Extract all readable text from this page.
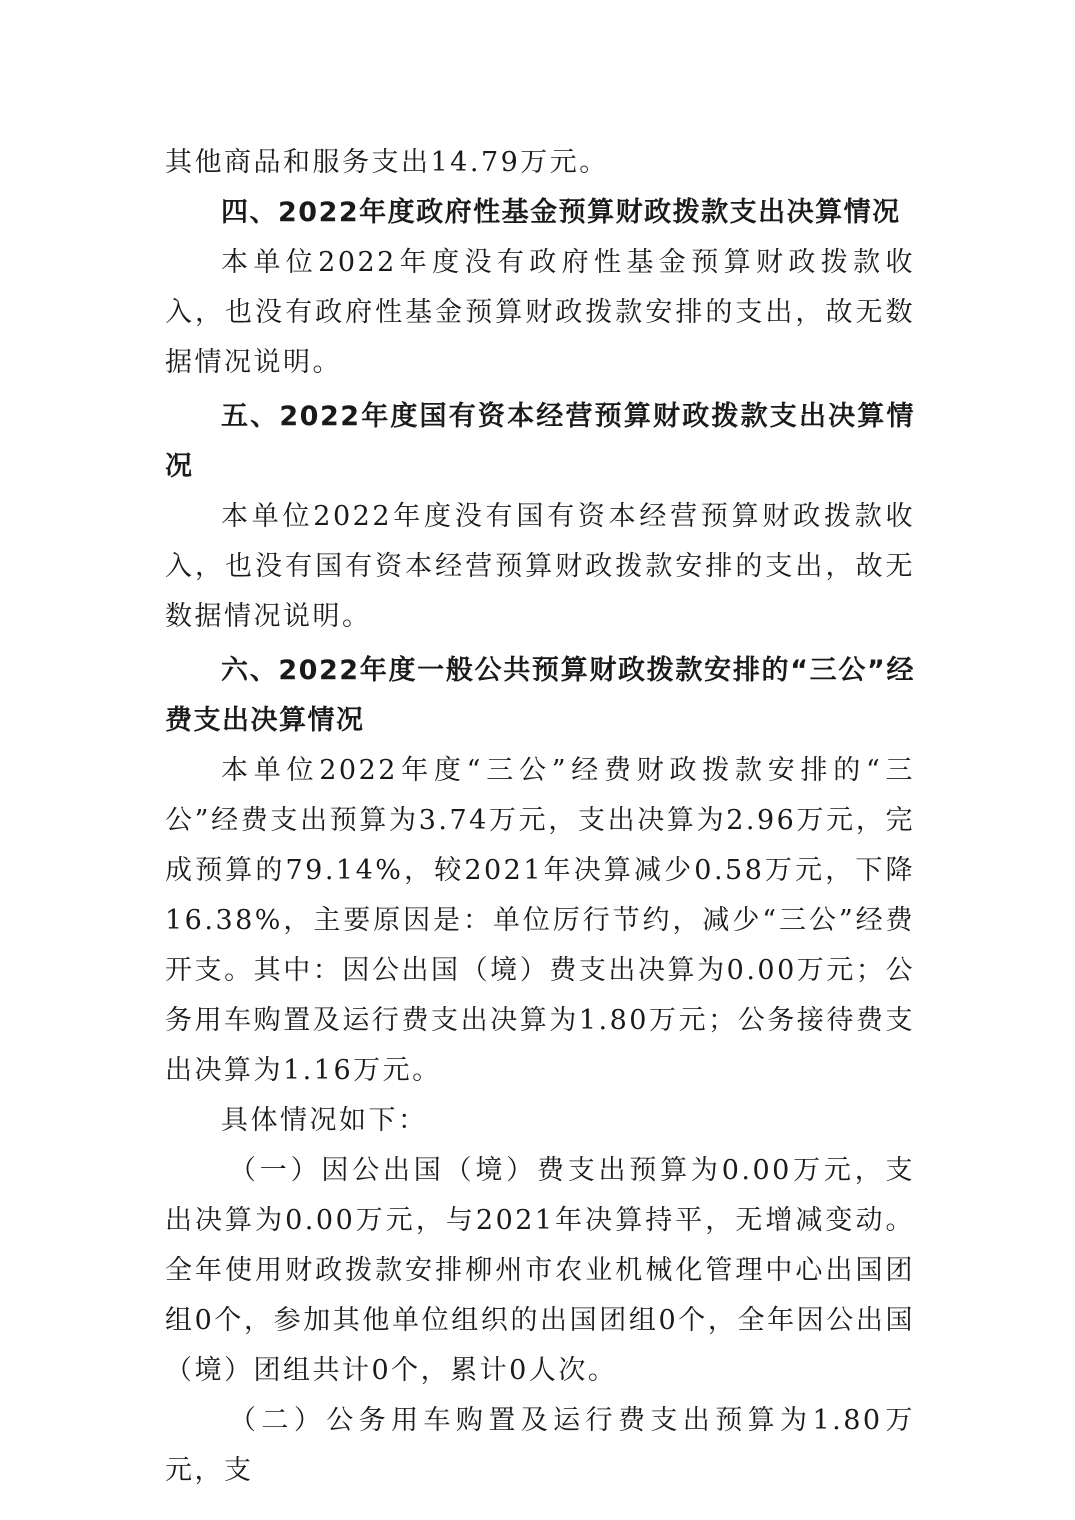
其他商品和服务支出14.79万元。

四、2022年度政府性基金预算财政拨款支出决算情况

本单位2022年度没有政府性基金预算财政拨款收入，也没有政府性基金预算财政拨款安排的支出，故无数据情况说明。

五、2022年度国有资本经营预算财政拨款支出决算情况

本单位2022年度没有国有资本经营预算财政拨款收入，也没有国有资本经营预算财政拨款安排的支出，故无数据情况说明。

六、2022年度一般公共预算财政拨款安排的“三公”经费支出决算情况

本单位2022年度“三公”经费财政拨款安排的“三公”经费支出预算为3.74万元，支出决算为2.96万元，完成预算的79.14%，较2021年决算减少0.58万元，下降16.38%，主要原因是：单位厉行节约，减少“三公”经费开支。其中：因公出国（境）费支出决算为0.00万元；公务用车购置及运行费支出决算为1.80万元；公务接待费支出决算为1.16万元。

具体情况如下：

（一）因公出国（境）费支出预算为0.00万元，支出决算为0.00万元，与2021年决算持平，无增减变动。全年使用财政拨款安排柳州市农业机械化管理中心出国团组0个，参加其他单位组织的出国团组0个，全年因公出国（境）团组共计0个，累计0人次。

（二）公务用车购置及运行费支出预算为1.80万元，支
